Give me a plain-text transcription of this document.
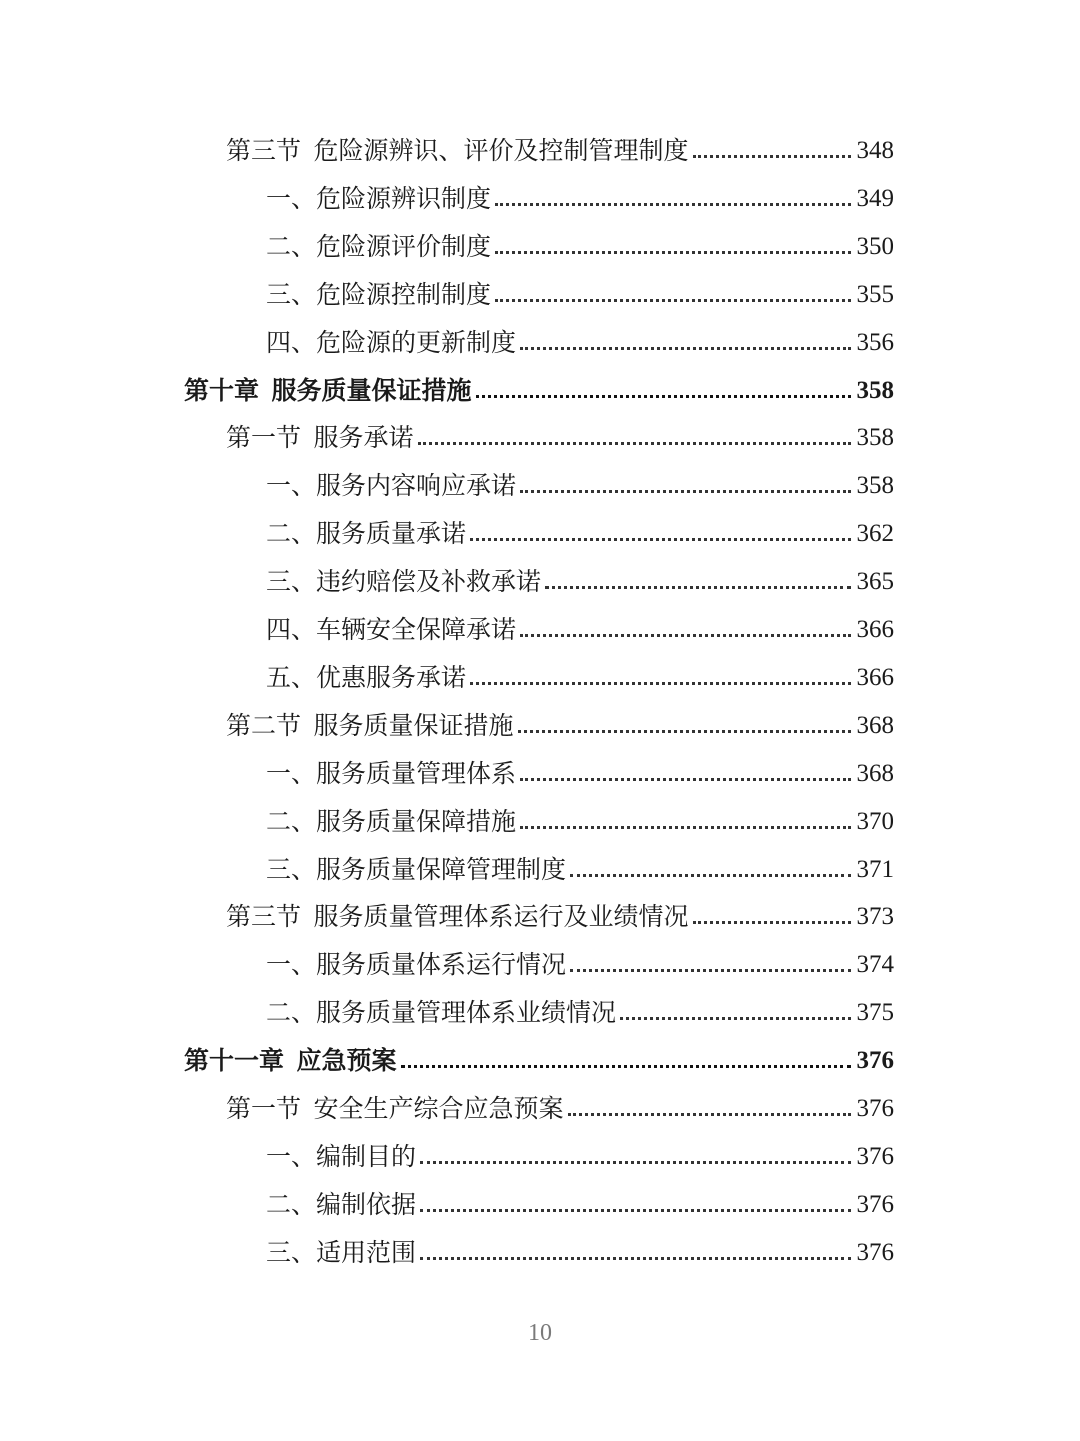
第三节 危险源辨识、评价及控制管理制度	348
一、危险源辨识制度	349
二、危险源评价制度	350
三、危险源控制制度	355
四、危险源的更新制度	356
第十章 服务质量保证措施	358
第一节 服务承诺	358
一、服务内容响应承诺	358
二、服务质量承诺	362
三、违约赔偿及补救承诺	365
四、车辆安全保障承诺	366
五、优惠服务承诺	366
第二节 服务质量保证措施	368
一、服务质量管理体系	368
二、服务质量保障措施	370
三、服务质量保障管理制度	371
第三节 服务质量管理体系运行及业绩情况	373
一、服务质量体系运行情况	374
二、服务质量管理体系业绩情况	375
第十一章 应急预案	376
第一节 安全生产综合应急预案	376
一、编制目的	376
二、编制依据	376
三、适用范围	376
10
